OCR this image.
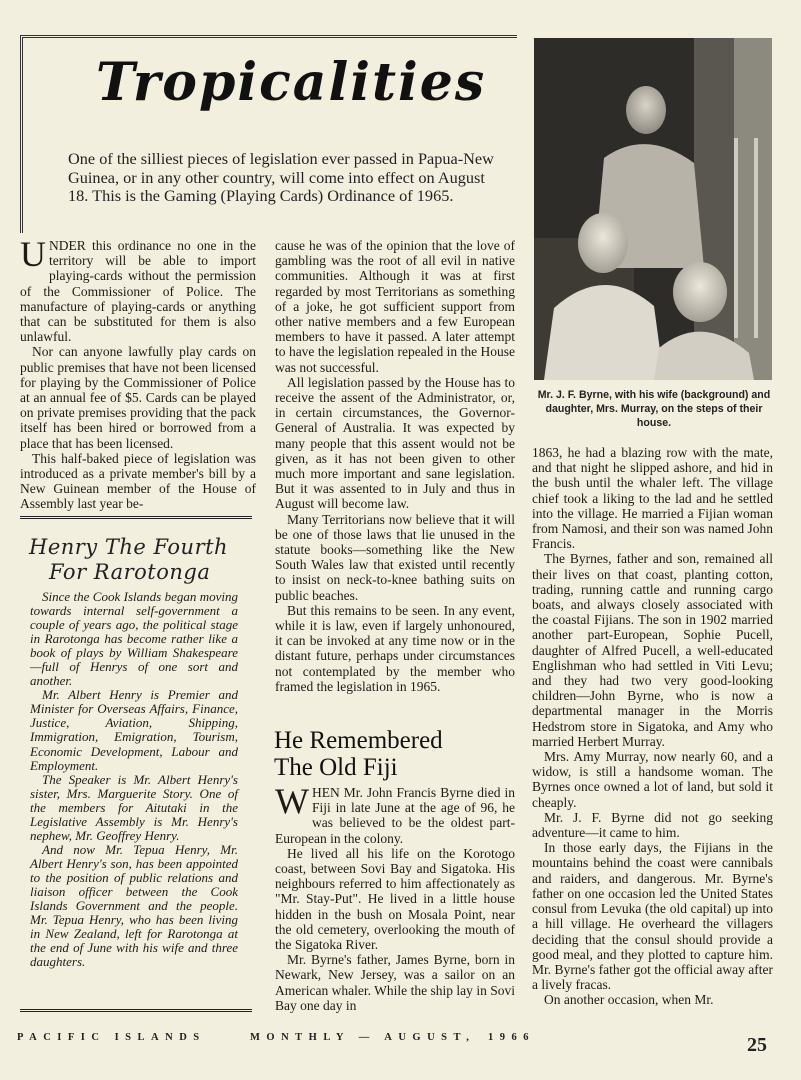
Tropicalities
One of the silliest pieces of legislation ever passed in Papua-New Guinea, or in any other country, will come into effect on August 18. This is the Gaming (Playing Cards) Ordinance of 1965.

UNDER this ordinance no one in the territory will be able to import playing-cards without the permission of the Commissioner of Police. The manufacture of playing-cards or anything that can be substituted for them is also unlawful.

Nor can anyone lawfully play cards on public premises that have not been licensed for playing by the Commissioner of Police at an annual fee of $5. Cards can be played on private premises providing that the pack itself has been hired or borrowed from a place that has been licensed.

This half-baked piece of legislation was introduced as a private member's bill by a New Guinean member of the House of Assembly last year be-

Henry The Fourth
For Rarotonga

Since the Cook Islands began moving towards internal self-government a couple of years ago, the political stage in Rarotonga has become rather like a book of plays by William Shakespeare—full of Henrys of one sort and another.

Mr. Albert Henry is Premier and Minister for Overseas Affairs, Finance, Justice, Aviation, Shipping, Immigration, Emigration, Tourism, Economic Development, Labour and Employment.

The Speaker is Mr. Albert Henry's sister, Mrs. Marguerite Story. One of the members for Aitutaki in the Legislative Assembly is Mr. Henry's nephew, Mr. Geoffrey Henry.

And now Mr. Tepua Henry, Mr. Albert Henry's son, has been appointed to the position of public relations and liaison officer between the Cook Islands Government and the people. Mr. Tepua Henry, who has been living in New Zealand, left for Rarotonga at the end of June with his wife and three daughters.

cause he was of the opinion that the love of gambling was the root of all evil in native communities. Although it was at first regarded by most Territorians as something of a joke, he got sufficient support from other native members and a few European members to have it passed. A later attempt to have the legislation repealed in the House was not successful.

All legislation passed by the House has to receive the assent of the Administrator, or, in certain circumstances, the Governor-General of Australia. It was expected by many people that this assent would not be given, as it has not been given to other much more important and sane legislation. But it was assented to in July and thus in August will become law.

Many Territorians now believe that it will be one of those laws that lie unused in the statute books—something like the New South Wales law that existed until recently to insist on neck-to-knee bathing suits on public beaches.

But this remains to be seen. In any event, while it is law, even if largely unhonoured, it can be invoked at any time now or in the distant future, perhaps under circumstances not contemplated by the member who framed the legislation in 1965.

He Remembered
The Old Fiji

WHEN Mr. John Francis Byrne died in Fiji in late June at the age of 96, he was believed to be the oldest part-European in the colony.

He lived all his life on the Korotogo coast, between Sovi Bay and Sigatoka. His neighbours referred to him affectionately as "Mr. Stay-Put". He lived in a little house hidden in the bush on Mosala Point, near the old cemetery, overlooking the mouth of the Sigatoka River.

Mr. Byrne's father, James Byrne, born in Newark, New Jersey, was a sailor on an American whaler. While the ship lay in Sovi Bay one day in

Mr. J. F. Byrne, with his wife (background) and daughter, Mrs. Murray, on the steps of their house.

1863, he had a blazing row with the mate, and that night he slipped ashore, and hid in the bush until the whaler left. The village chief took a liking to the lad and he settled into the village. He married a Fijian woman from Namosi, and their son was named John Francis.

The Byrnes, father and son, remained all their lives on that coast, planting cotton, trading, running cattle and running cargo boats, and always closely associated with the coastal Fijians. The son in 1902 married another part-European, Sophie Pucell, daughter of Alfred Pucell, a well-educated Englishman who had settled in Viti Levu; and they had two very good-looking children—John Byrne, who is now a departmental manager in the Morris Hedstrom store in Sigatoka, and Amy who married Herbert Murray.

Mrs. Amy Murray, now nearly 60, and a widow, is still a handsome woman. The Byrnes once owned a lot of land, but sold it cheaply.

Mr. J. F. Byrne did not go seeking adventure—it came to him.

In those early days, the Fijians in the mountains behind the coast were cannibals and raiders, and dangerous. Mr. Byrne's father on one occasion led the United States consul from Levuka (the old capital) up into a hill village. He overheard the villagers deciding that the consul should provide a good meal, and they plotted to capture him. Mr. Byrne's father got the official away after a lively fracas.

On another occasion, when Mr.

PACIFIC ISLANDS	MONTHLY — AUGUST, 1966	25
